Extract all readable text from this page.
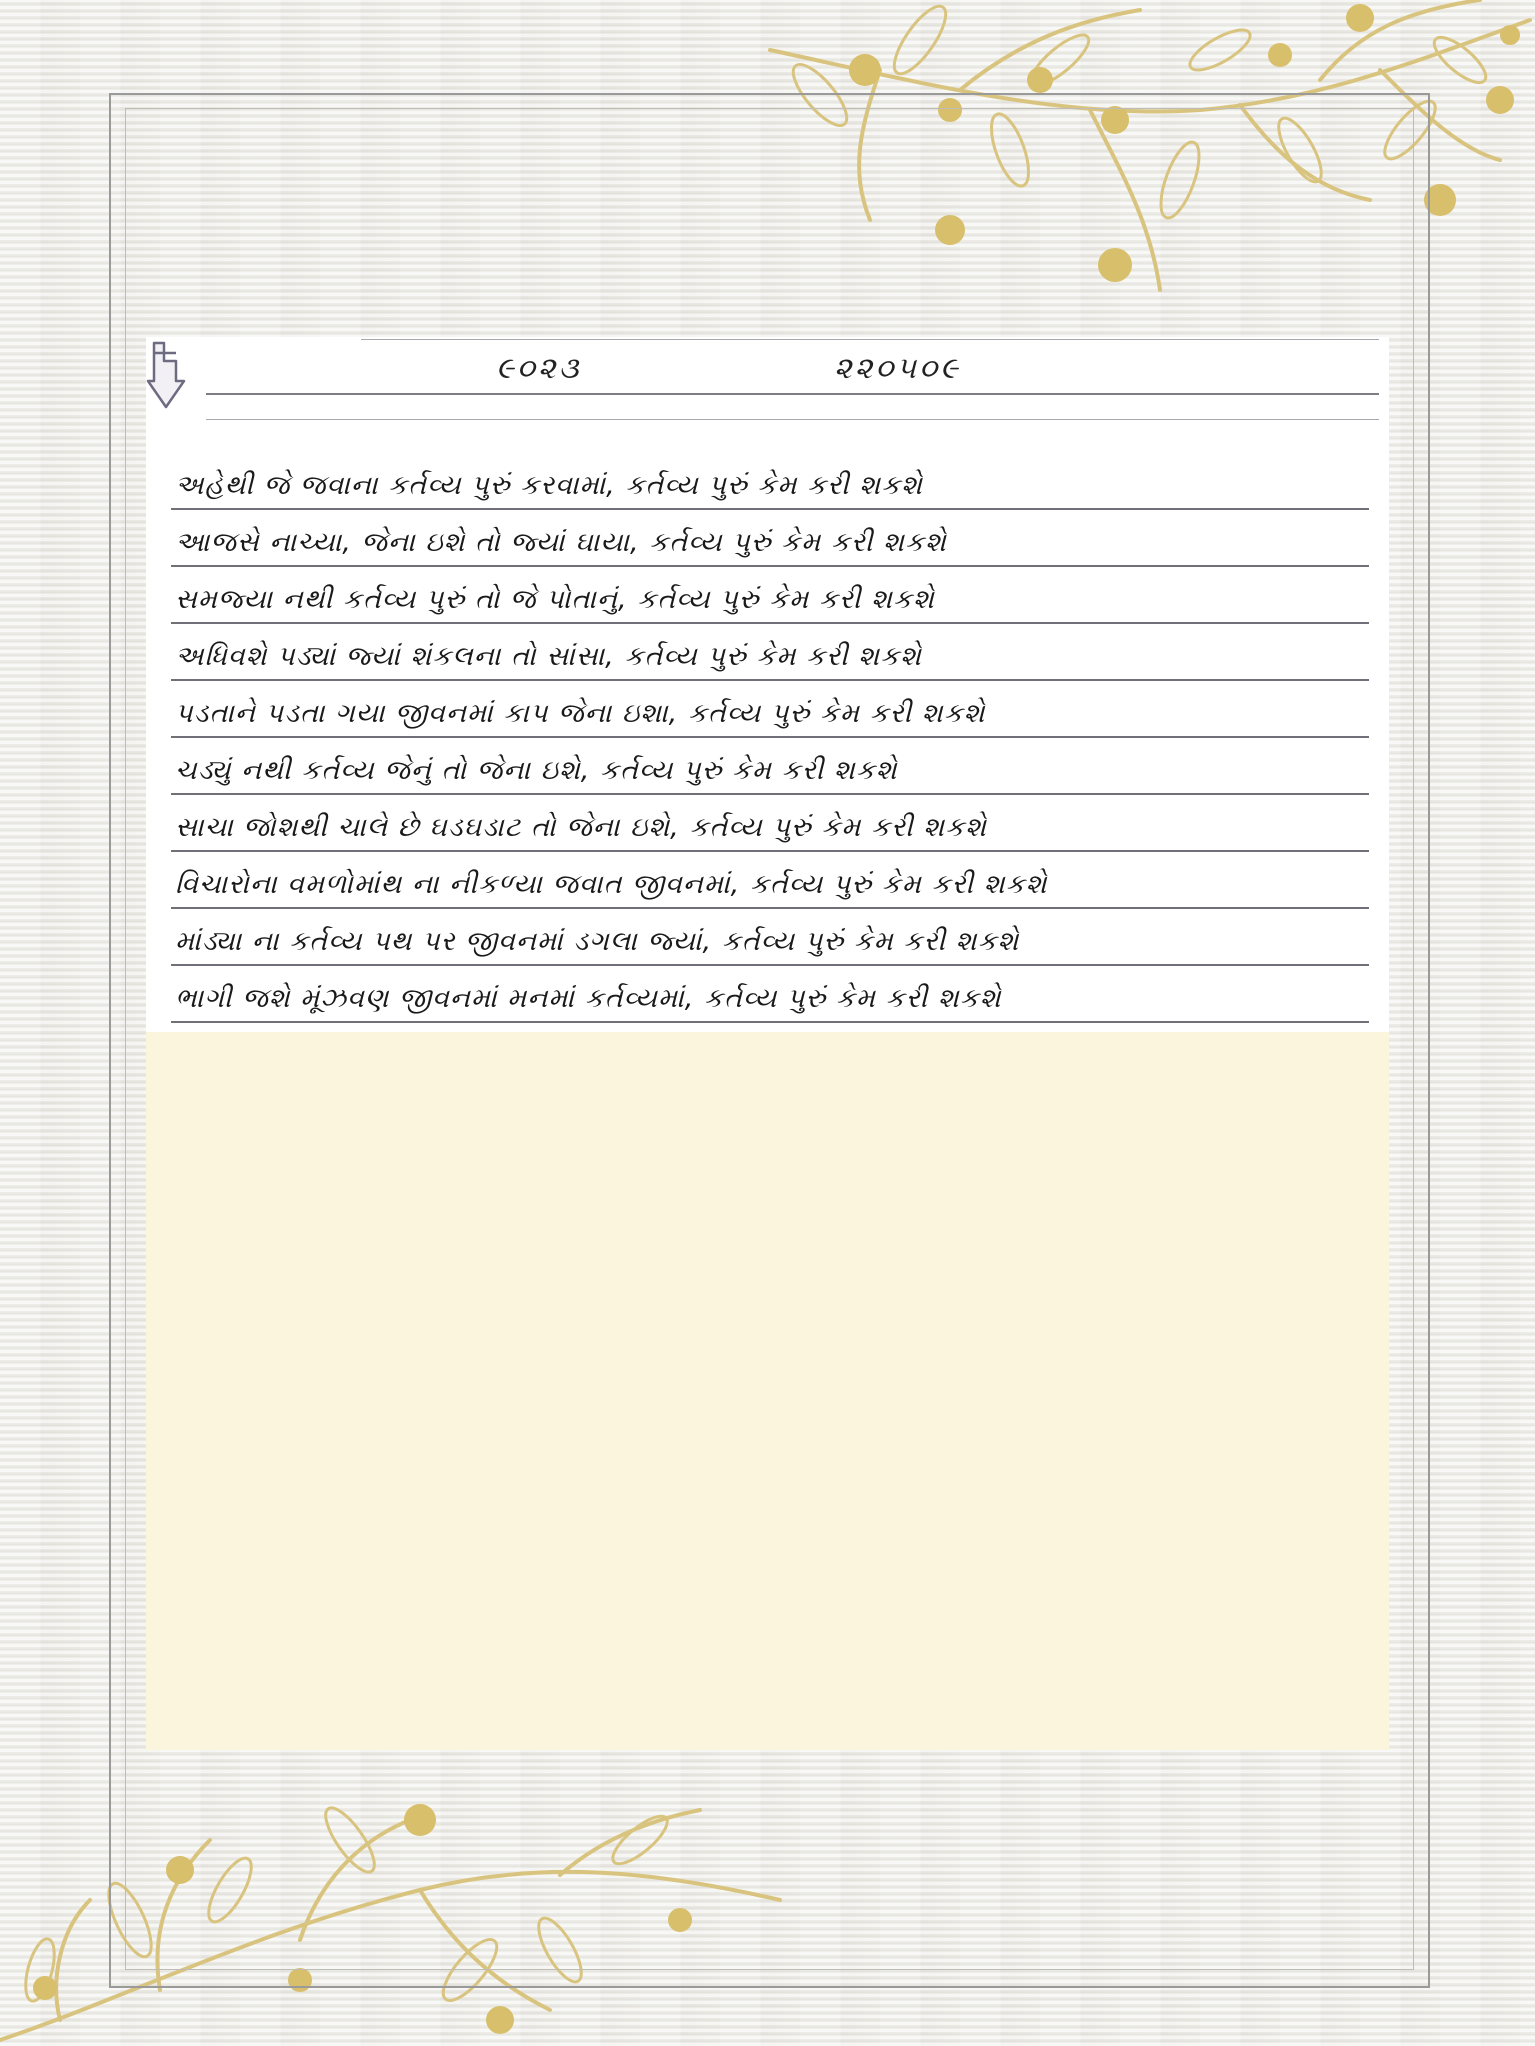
૯૦૨૩	૨૨૦૫૦૯
અહેથી જે જવાના કર્તવ્ય પુરું કરવામાં, કર્તવ્ય પુરું કેમ કરી શકશે
આજસે નાચ્યા, જેના ઇશે તો જ્યાં ઘાયા, કર્તવ્ય પુરું કેમ કરી શકશે
સમજ્યા નથી કર્તવ્ય પુરું તો જે પોતાનું, કર્તવ્ય પુરું કેમ કરી શકશે
અધિવશે પડ્યાં જ્યાં શંકલના તો સાંસા, કર્તવ્ય પુરું કેમ કરી શકશે
પડતાને પડતા ગયા જીવનમાં કાપ જેના ઇશા, કર્તવ્ય પુરું કેમ કરી શકશે
ચડ્યું નથી કર્તવ્ય જેનું તો જેના ઇશે, કર્તવ્ય પુરું કેમ કરી શકશે
સાચા જોશથી ચાલે છે ઘડઘડાટ તો જેના ઇશે, કર્તવ્ય પુરું કેમ કરી શકશે
વિચારોના વમળોમાંથ ના નીકળ્યા જવાત જીવનમાં, કર્તવ્ય પુરું કેમ કરી શકશે
માંડ્યા ના કર્તવ્ય પથ પર જીવનમાં ડગલા જ્યાં, કર્તવ્ય પુરું કેમ કરી શકશે
ભાગી જશે મૂંઝવણ જીવનમાં મનમાં કર્તવ્યમાં, કર્તવ્ય પુરું કેમ કરી શકશે
